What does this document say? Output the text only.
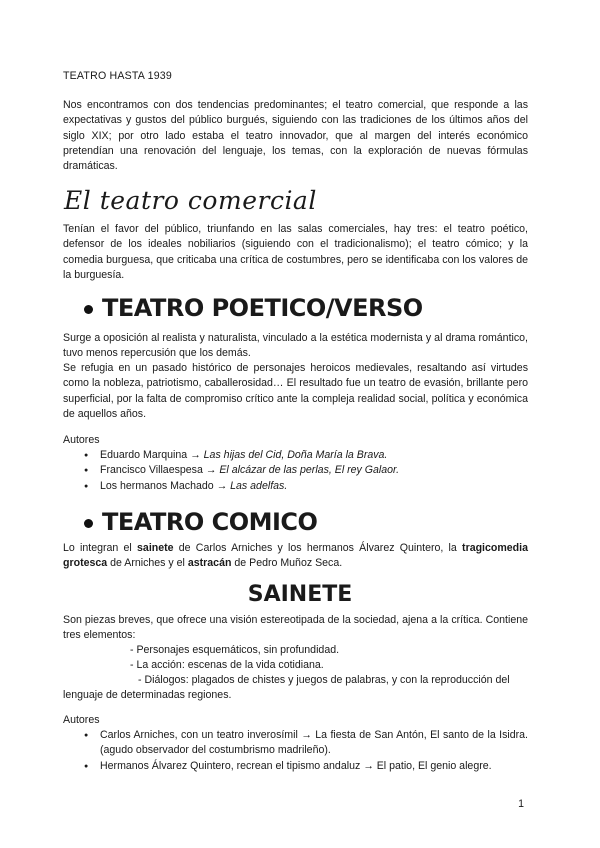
TEATRO HASTA 1939
Nos encontramos con dos tendencias predominantes; el teatro comercial, que responde a las expectativas y gustos del público burgués, siguiendo con las tradiciones de los últimos años del siglo XIX; por otro lado estaba el teatro innovador, que al margen del interés económico pretendían una renovación del lenguaje, los temas, con la exploración de nuevas fórmulas dramáticas.
El teatro comercial
Tenían el favor del público, triunfando en las salas comerciales, hay tres: el teatro poético, defensor de los ideales nobiliarios (siguiendo con el tradicionalismo); el teatro cómico; y la comedia burguesa, que criticaba una crítica de costumbres, pero se identificaba con los valores de la burguesía.
TEATRO POETICO/VERSO
Surge a oposición al realista y naturalista, vinculado a la estética modernista y al drama romántico, tuvo menos repercusión que los demás.
Se refugia en un pasado histórico de personajes heroicos medievales, resaltando así virtudes como la nobleza, patriotismo, caballerosidad… El resultado fue un teatro de evasión, brillante pero superficial, por la falta de compromiso crítico ante la compleja realidad social, política y económica de aquellos años.
Autores
● Eduardo Marquina → Las hijas del Cid, Doña María la Brava.
● Francisco Villaespesa → El alcázar de las perlas, El rey Galaor.
● Los hermanos Machado → Las adelfas.
TEATRO COMICO
Lo integran el sainete de Carlos Arniches y los hermanos Álvarez Quintero, la tragicomedia grotesca de Arniches y el astracán de Pedro Muñoz Seca.
SAINETE
Son piezas breves, que ofrece una visión estereotipada de la sociedad, ajena a la crítica. Contiene tres elementos:
- Personajes esquemáticos, sin profundidad.
- La acción: escenas de la vida cotidiana.
- Diálogos: plagados de chistes y juegos de palabras, y con la reproducción del
lenguaje de determinadas regiones.
Autores
● Carlos Arniches, con un teatro inverosímil → La fiesta de San Antón, El santo de la Isidra. (agudo observador del costumbrismo madrileño).
● Hermanos Álvarez Quintero, recrean el tipismo andaluz → El patio, El genio alegre.
1
